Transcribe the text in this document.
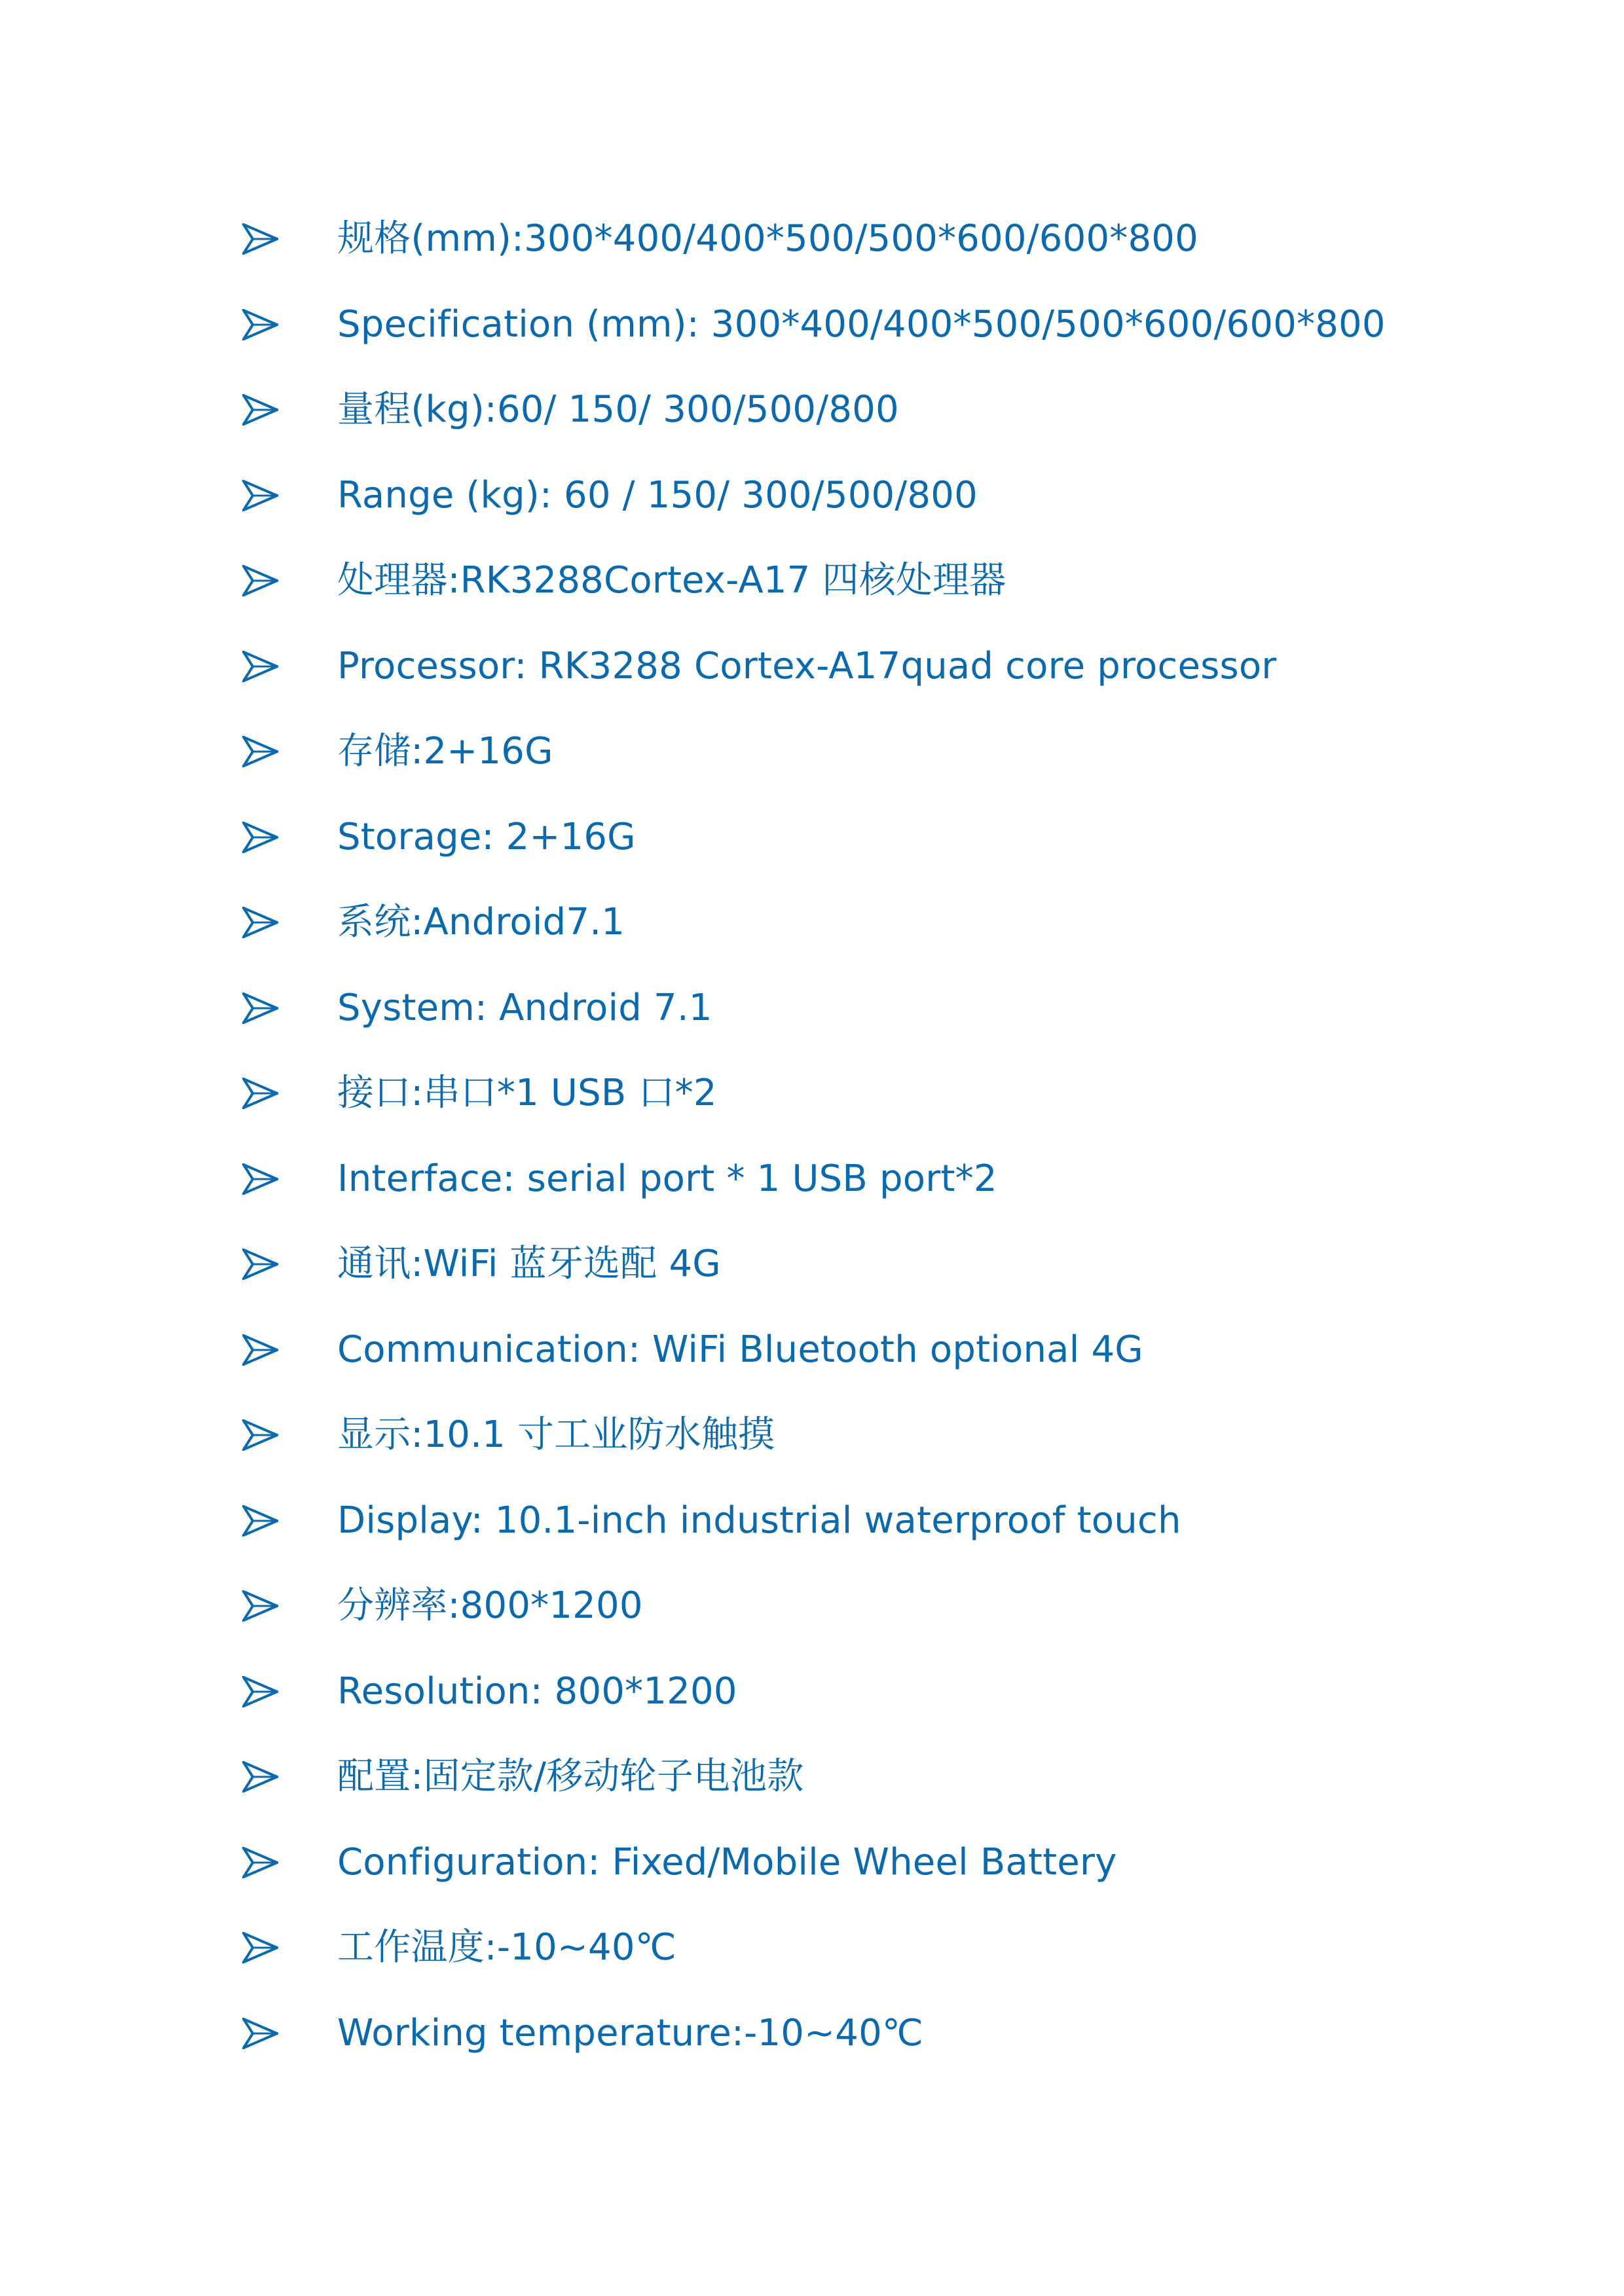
规格(mm):300*400/400*500/500*600/600*800
Specification (mm): 300*400/400*500/500*600/600*800
量程(kg):60/ 150/ 300/500/800
Range (kg): 60 / 150/ 300/500/800
处理器:RK3288Cortex-A17 四核处理器
Processor: RK3288 Cortex-A17quad core processor
存储:2+16G
Storage: 2+16G
系统:Android7.1
System: Android 7.1
接口:串口*1 USB 口*2
Interface: serial port * 1 USB port*2
通讯:WiFi 蓝牙选配 4G
Communication: WiFi Bluetooth optional 4G
显示:10.1 寸工业防水触摸
Display: 10.1-inch industrial waterproof touch
分辨率:800*1200
Resolution: 800*1200
配置:固定款/移动轮子电池款
Configuration: Fixed/Mobile Wheel Battery
工作温度:-10~40℃
Working temperature:-10~40℃
